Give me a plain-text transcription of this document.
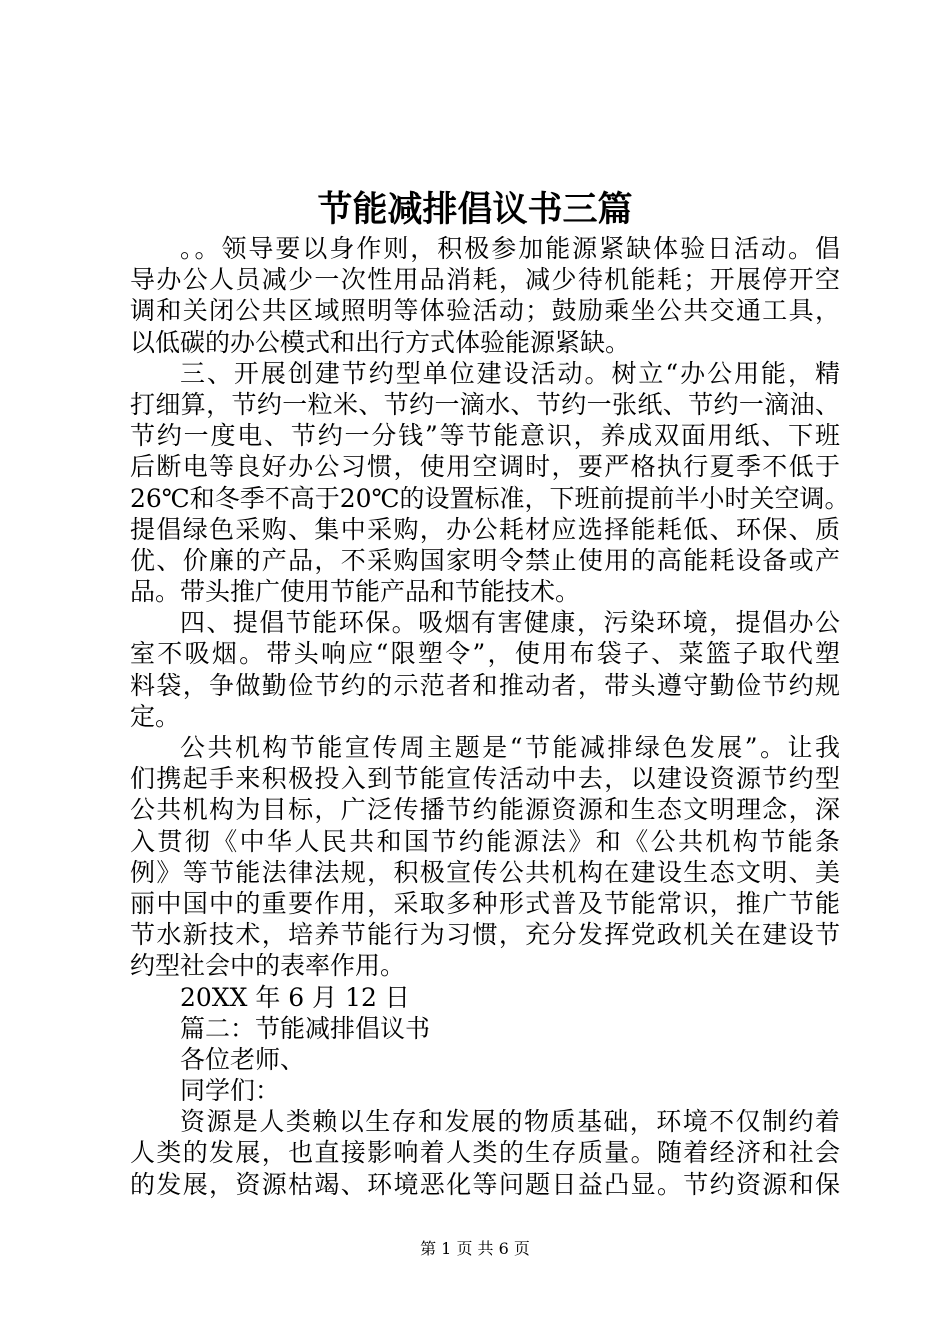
节能减排倡议书三篇
。。领导要以身作则，积极参加能源紧缺体验日活动。倡
导办公人员减少一次性用品消耗，减少待机能耗；开展停开空
调和关闭公共区域照明等体验活动；鼓励乘坐公共交通工具，
以低碳的办公模式和出行方式体验能源紧缺。
三、开展创建节约型单位建设活动。树立“办公用能，精
打细算，节约一粒米、节约一滴水、节约一张纸、节约一滴油、
节约一度电、节约一分钱”等节能意识，养成双面用纸、下班
后断电等良好办公习惯，使用空调时，要严格执行夏季不低于
26℃和冬季不高于20℃的设置标准，下班前提前半小时关空调。
提倡绿色采购、集中采购，办公耗材应选择能耗低、环保、质
优、价廉的产品，不采购国家明令禁止使用的高能耗设备或产
品。带头推广使用节能产品和节能技术。
四、提倡节能环保。吸烟有害健康，污染环境，提倡办公
室不吸烟。带头响应“限塑令”，使用布袋子、菜篮子取代塑
料袋，争做勤俭节约的示范者和推动者，带头遵守勤俭节约规
定。
公共机构节能宣传周主题是“节能减排绿色发展”。让我
们携起手来积极投入到节能宣传活动中去，以建设资源节约型
公共机构为目标，广泛传播节约能源资源和生态文明理念，深
入贯彻《中华人民共和国节约能源法》和《公共机构节能条
例》等节能法律法规，积极宣传公共机构在建设生态文明、美
丽中国中的重要作用，采取多种形式普及节能常识，推广节能
节水新技术，培养节能行为习惯，充分发挥党政机关在建设节
约型社会中的表率作用。
20XX 年 6 月 12 日
篇二：节能减排倡议书
各位老师、
同学们：
资源是人类赖以生存和发展的物质基础，环境不仅制约着
人类的发展，也直接影响着人类的生存质量。随着经济和社会
的发展，资源枯竭、环境恶化等问题日益凸显。节约资源和保
第 1 页 共 6 页
